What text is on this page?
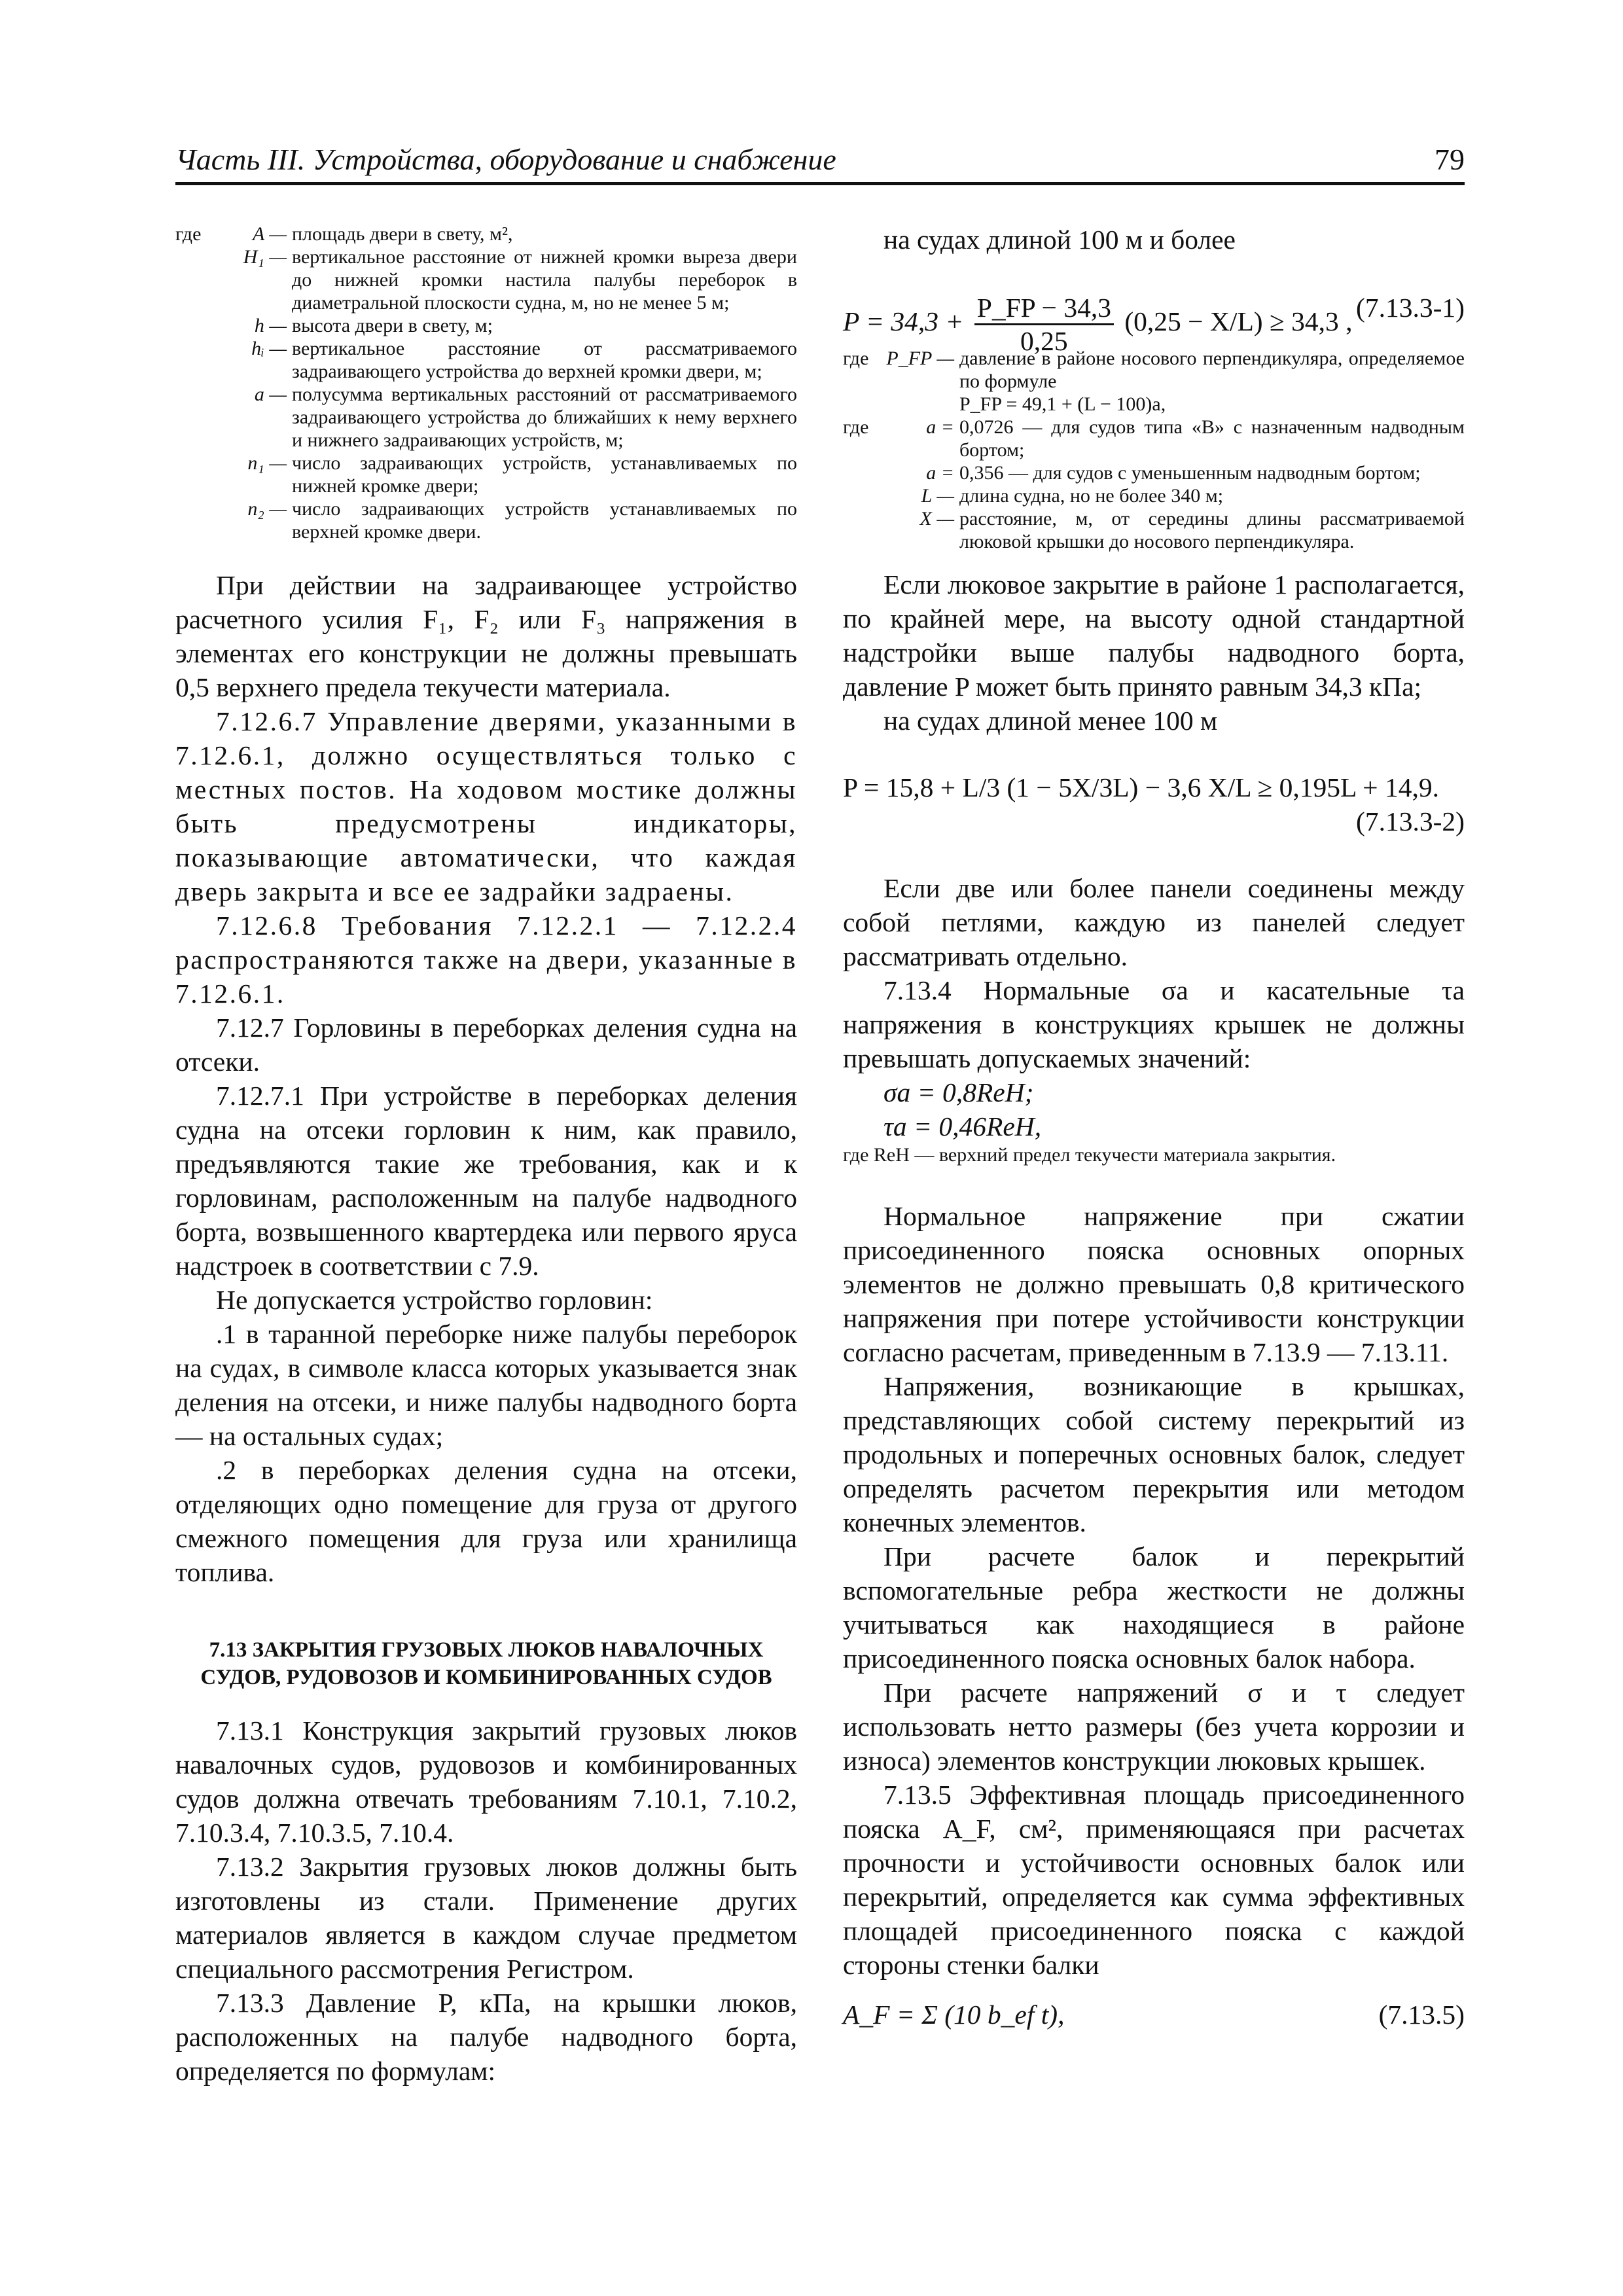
Часть III. Устройства, оборудование и снабжение	79
где	A —	площадь двери в свету, м²,
	H₁ —	вертикальное расстояние от нижней кромки выреза двери до нижней кромки настила палубы переборок в диаметральной плоскости судна, м, но не менее 5 м;
	h —	высота двери в свету, м;
	hᵢ —	вертикальное расстояние от рассматриваемого задраивающего устройства до верхней кромки двери, м;
	a —	полусумма вертикальных расстояний от рассматриваемого задраивающего устройства до ближайших к нему верхнего и нижнего задраивающих устройств, м;
	n₁ —	число задраивающих устройств, устанавливаемых по нижней кромке двери;
	n₂ —	число задраивающих устройств устанавливаемых по верхней кромке двери.

При действии на задраивающее устройство расчетного усилия F₁, F₂ или F₃ напряжения в элементах его конструкции не должны превышать 0,5 верхнего предела текучести материала.

7.12.6.7 Управление дверями, указанными в 7.12.6.1, должно осуществляться только с местных постов. На ходовом мостике должны быть предусмотрены индикаторы, показывающие автоматически, что каждая дверь закрыта и все ее задрайки задраены.

7.12.6.8 Требования 7.12.2.1 — 7.12.2.4 распространяются также на двери, указанные в 7.12.6.1.

7.12.7 Горловины в переборках деления судна на отсеки.

7.12.7.1 При устройстве в переборках деления судна на отсеки горловин к ним, как правило, предъявляются такие же требования, как и к горловинам, расположенным на палубе надводного борта, возвышенного квартердека или первого яруса надстроек в соответствии с 7.9.

Не допускается устройство горловин:

.1 в таранной переборке ниже палубы переборок на судах, в символе класса которых указывается знак деления на отсеки, и ниже палубы надводного борта — на остальных судах;

.2 в переборках деления судна на отсеки, отделяющих одно помещение для груза от другого смежного помещения для груза или хранилища топлива.

7.13 ЗАКРЫТИЯ ГРУЗОВЫХ ЛЮКОВ НАВАЛОЧНЫХ СУДОВ, РУДОВОЗОВ И КОМБИНИРОВАННЫХ СУДОВ

7.13.1 Конструкция закрытий грузовых люков навалочных судов, рудовозов и комбинированных судов должна отвечать требованиям 7.10.1, 7.10.2, 7.10.3.4, 7.10.3.5, 7.10.4.

7.13.2 Закрытия грузовых люков должны быть изготовлены из стали. Применение других материалов является в каждом случае предметом специального рассмотрения Регистром.

7.13.3 Давление P, кПа, на крышки люков, расположенных на палубе надводного борта, определяется по формулам:

на судах длиной 100 м и более

$P = 34,3 + \frac{P\_FP - 34,3}{0,25} (0,25 - X/L) \ge 34,3$ , (7.13.3-1)
где	P_FP —	давление в районе носового перпендикуляра, определяемое по формуле
		P_FP = 49,1 + (L − 100)a,
где	a =	0,0726 — для судов типа «B» с назначенным надводным бортом;
	a =	0,356 — для судов с уменьшенным надводным бортом;
	L —	длина судна, но не более 340 м;
	X —	расстояние, м, от середины длины рассматриваемой люковой крышки до носового перпендикуляра.

Если люковое закрытие в районе 1 располагается, по крайней мере, на высоту одной стандартной надстройки выше палубы надводного борта, давление P может быть принято равным 34,3 кПа;

на судах длиной менее 100 м

P = 15,8 + L/3 (1 − 5X/3L) − 3,6 X/L ≥ 0,195L + 14,9.
(7.13.3-2)

Если две или более панели соединены между собой петлями, каждую из панелей следует рассматривать отдельно.

7.13.4 Нормальные σa и касательные τa напряжения в конструкциях крышек не должны превышать допускаемых значений:

σa = 0,8ReH;

τa = 0,46ReH,

где ReH — верхний предел текучести материала закрытия.

Нормальное напряжение при сжатии присоединенного пояска основных опорных элементов не должно превышать 0,8 критического напряжения при потере устойчивости конструкции согласно расчетам, приведенным в 7.13.9 — 7.13.11.

Напряжения, возникающие в крышках, представляющих собой систему перекрытий из продольных и поперечных основных балок, следует определять расчетом перекрытия или методом конечных элементов.

При расчете балок и перекрытий вспомогательные ребра жесткости не должны учитываться как находящиеся в районе присоединенного пояска основных балок набора.

При расчете напряжений σ и τ следует использовать нетто размеры (без учета коррозии и износа) элементов конструкции люковых крышек.

7.13.5 Эффективная площадь присоединенного пояска A_F, см², применяющаяся при расчетах прочности и устойчивости основных балок или перекрытий, определяется как сумма эффективных площадей присоединенного пояска с каждой стороны стенки балки

A_F = Σ (10 b_ef t),	(7.13.5)
